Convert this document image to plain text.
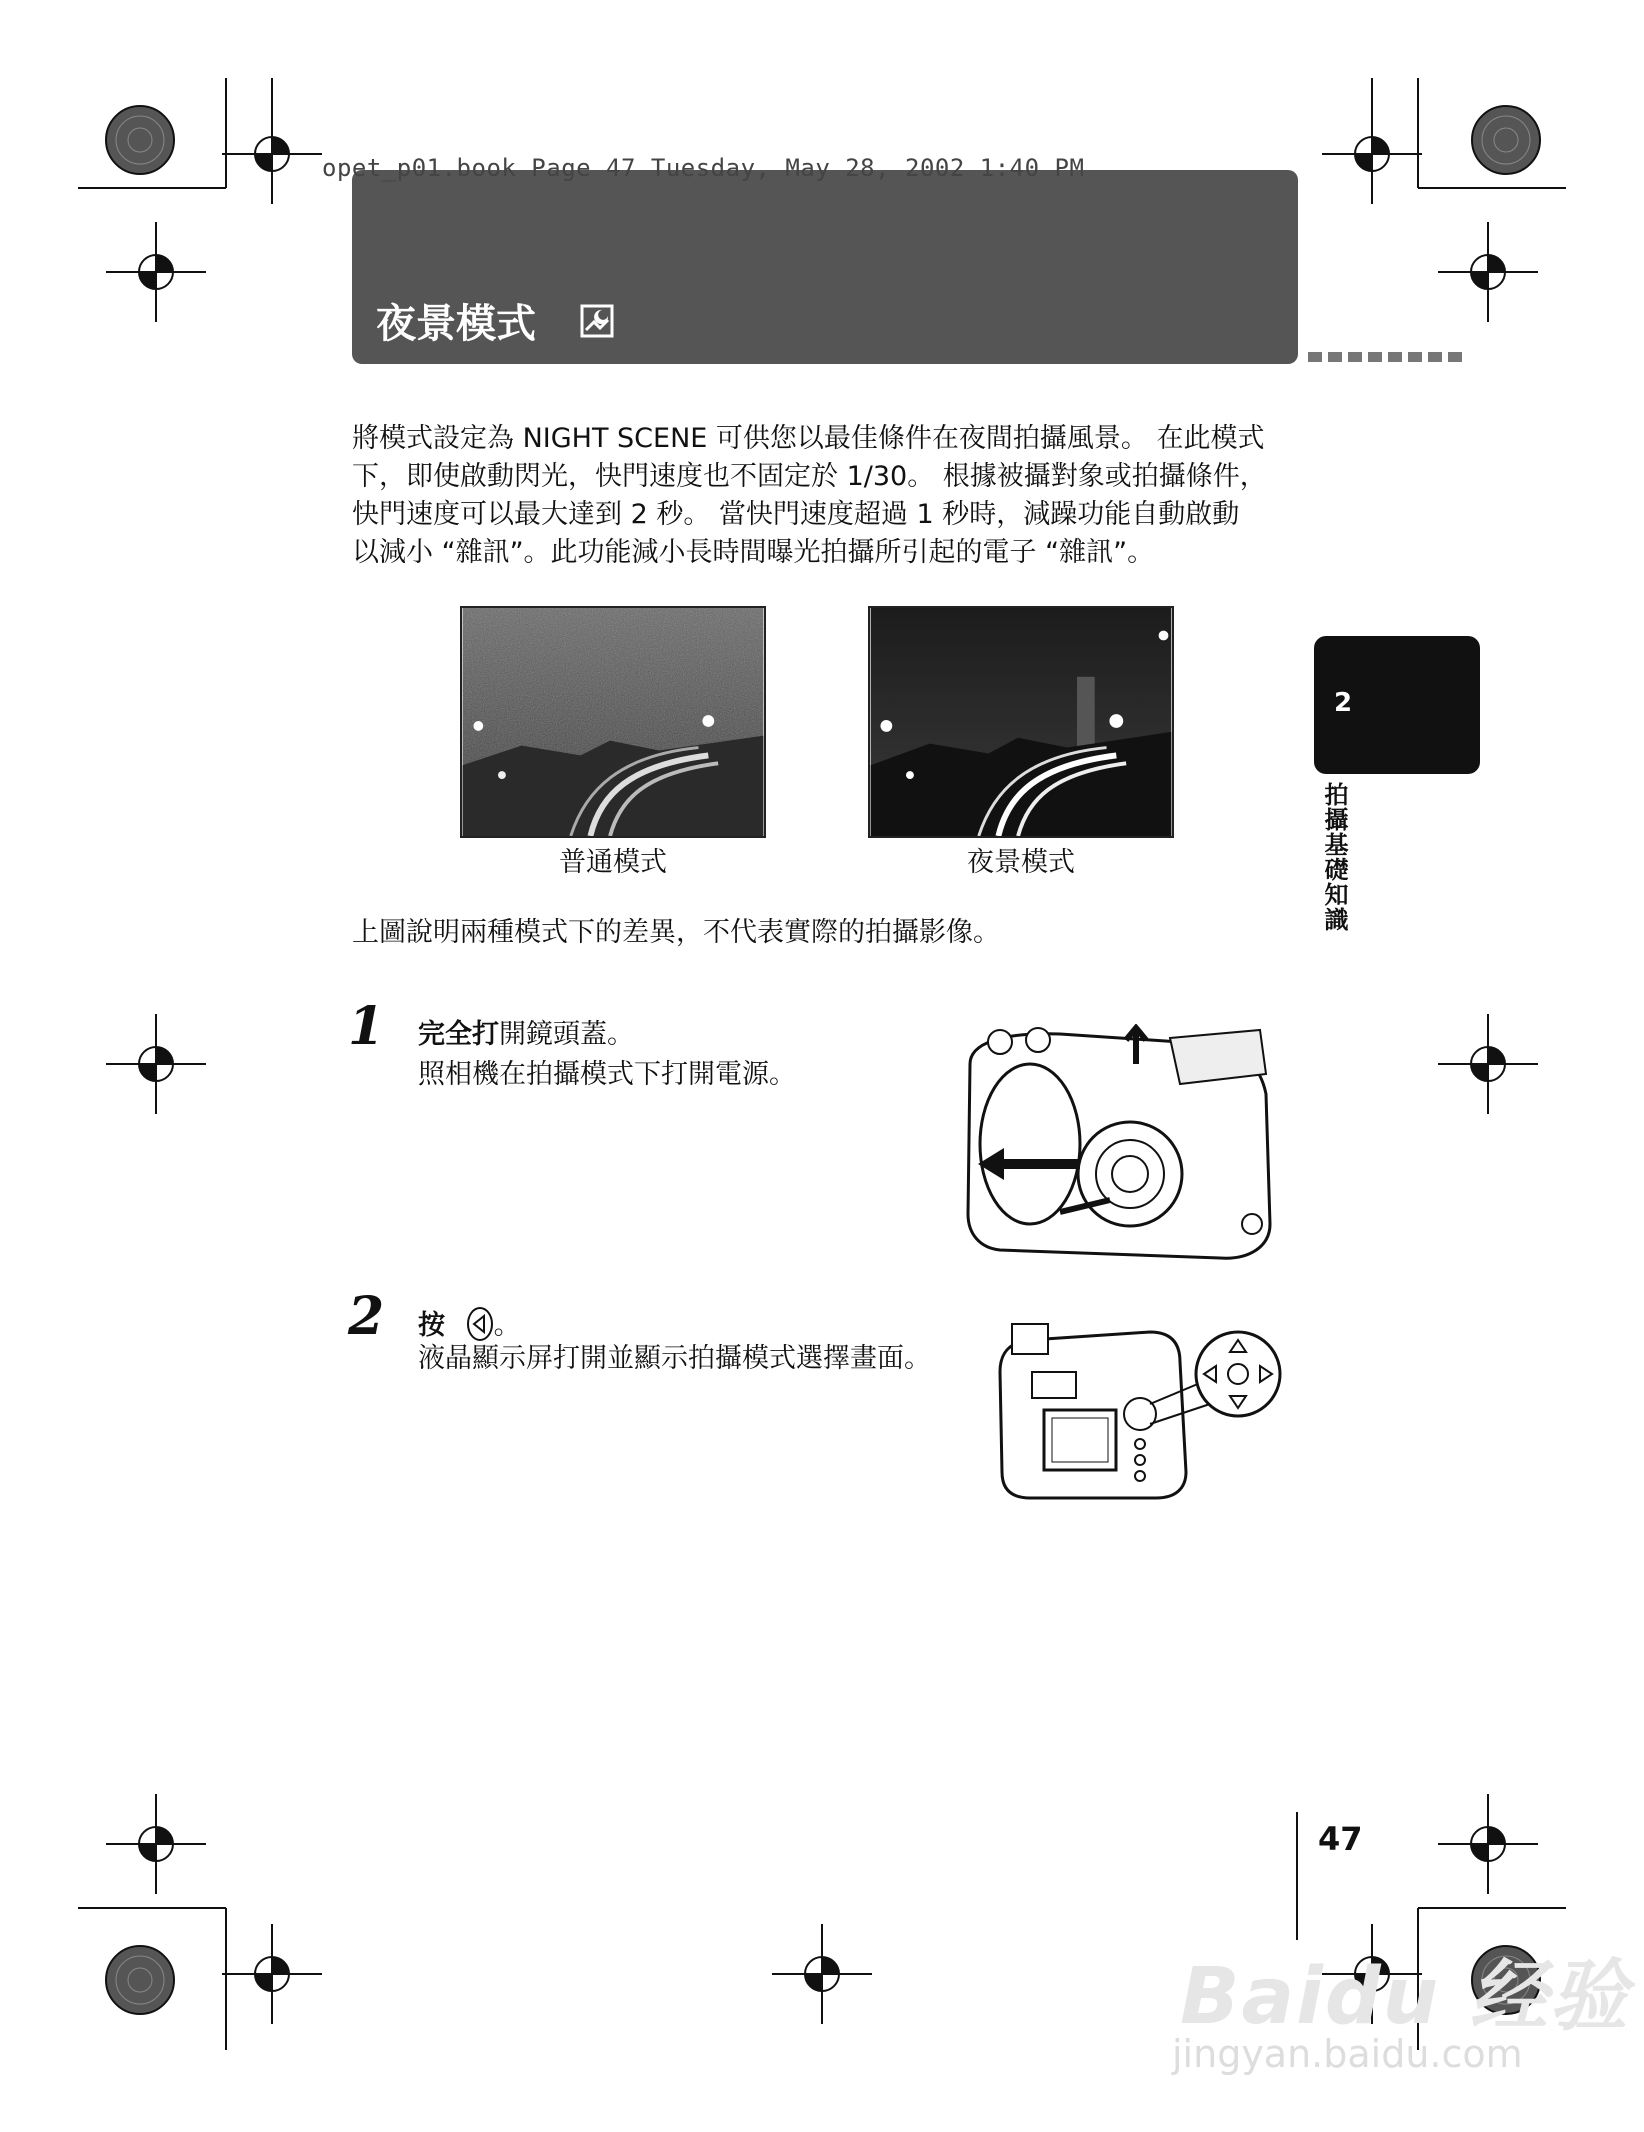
opet_p01.book Page 47 Tuesday, May 28, 2002 1:40 PM
夜景模式
將模式設定為 NIGHT SCENE 可供您以最佳條件在夜間拍攝風景。 在此模式
下，即使啟動閃光，快門速度也不固定於 1/30。 根據被攝對象或拍攝條件，
快門速度可以最大達到 2 秒。 當快門速度超過 1 秒時，減躁功能自動啟動
以減小 “雜訊”。此功能減小長時間曝光拍攝所引起的電子 “雜訊”。
普通模式	夜景模式
上圖說明兩種模式下的差異，不代表實際的拍攝影像。
1 完全打開鏡頭蓋。
照相機在拍攝模式下打開電源。
2 按 。
液晶顯示屏打開並顯示拍攝模式選擇畫面。
2
拍攝基礎知識
47
Baidu 经验
jingyan.baidu.com
